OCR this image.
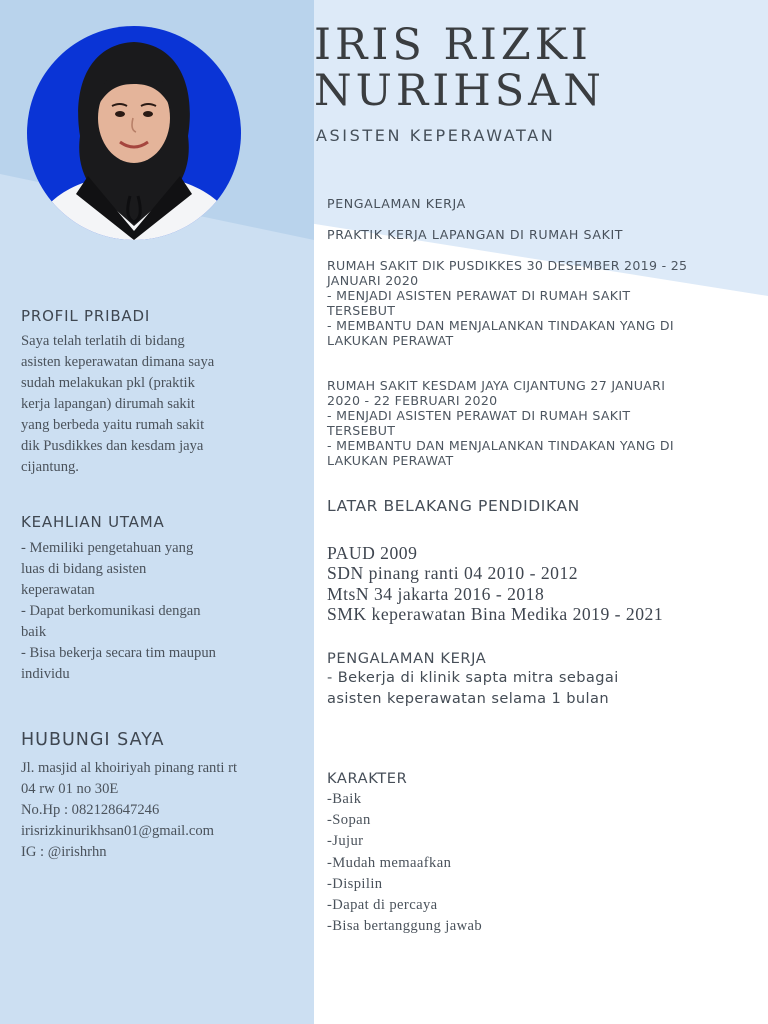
IRIS RIZKI
NURIHSAN
ASISTEN KEPERAWATAN
PROFIL PRIBADI
Saya telah terlatih di bidang
asisten keperawatan dimana saya
sudah melakukan pkl (praktik
kerja lapangan) dirumah sakit
yang berbeda yaitu rumah sakit
dik Pusdikkes dan kesdam jaya
cijantung.
KEAHLIAN UTAMA
- Memiliki pengetahuan yang
luas di bidang asisten
keperawatan
- Dapat berkomunikasi dengan
baik
- Bisa bekerja secara tim maupun
individu
HUBUNGI SAYA
Jl. masjid al khoiriyah pinang ranti rt
04 rw 01 no 30E
No.Hp : 082128647246
irisrizkinurikhsan01@gmail.com
IG : @irishrhn
PENGALAMAN KERJA
PRAKTIK KERJA LAPANGAN DI RUMAH SAKIT
RUMAH SAKIT DIK PUSDIKKES 30 DESEMBER 2019 - 25
JANUARI 2020
- MENJADI ASISTEN PERAWAT DI RUMAH SAKIT
TERSEBUT
- MEMBANTU DAN MENJALANKAN TINDAKAN YANG DI
LAKUKAN PERAWAT
RUMAH SAKIT KESDAM JAYA CIJANTUNG 27 JANUARI
2020 - 22 FEBRUARI 2020
- MENJADI ASISTEN PERAWAT DI RUMAH SAKIT
TERSEBUT
- MEMBANTU DAN MENJALANKAN TINDAKAN YANG DI
LAKUKAN PERAWAT
LATAR BELAKANG PENDIDIKAN
PAUD 2009
SDN pinang ranti 04 2010 - 2012
MtsN 34 jakarta 2016 - 2018
SMK keperawatan Bina Medika 2019 - 2021
PENGALAMAN KERJA
- Bekerja di klinik sapta mitra sebagai
asisten keperawatan selama 1 bulan
KARAKTER
-Baik
-Sopan
-Jujur
-Mudah memaafkan
-Dispilin
-Dapat di percaya
-Bisa bertanggung jawab
